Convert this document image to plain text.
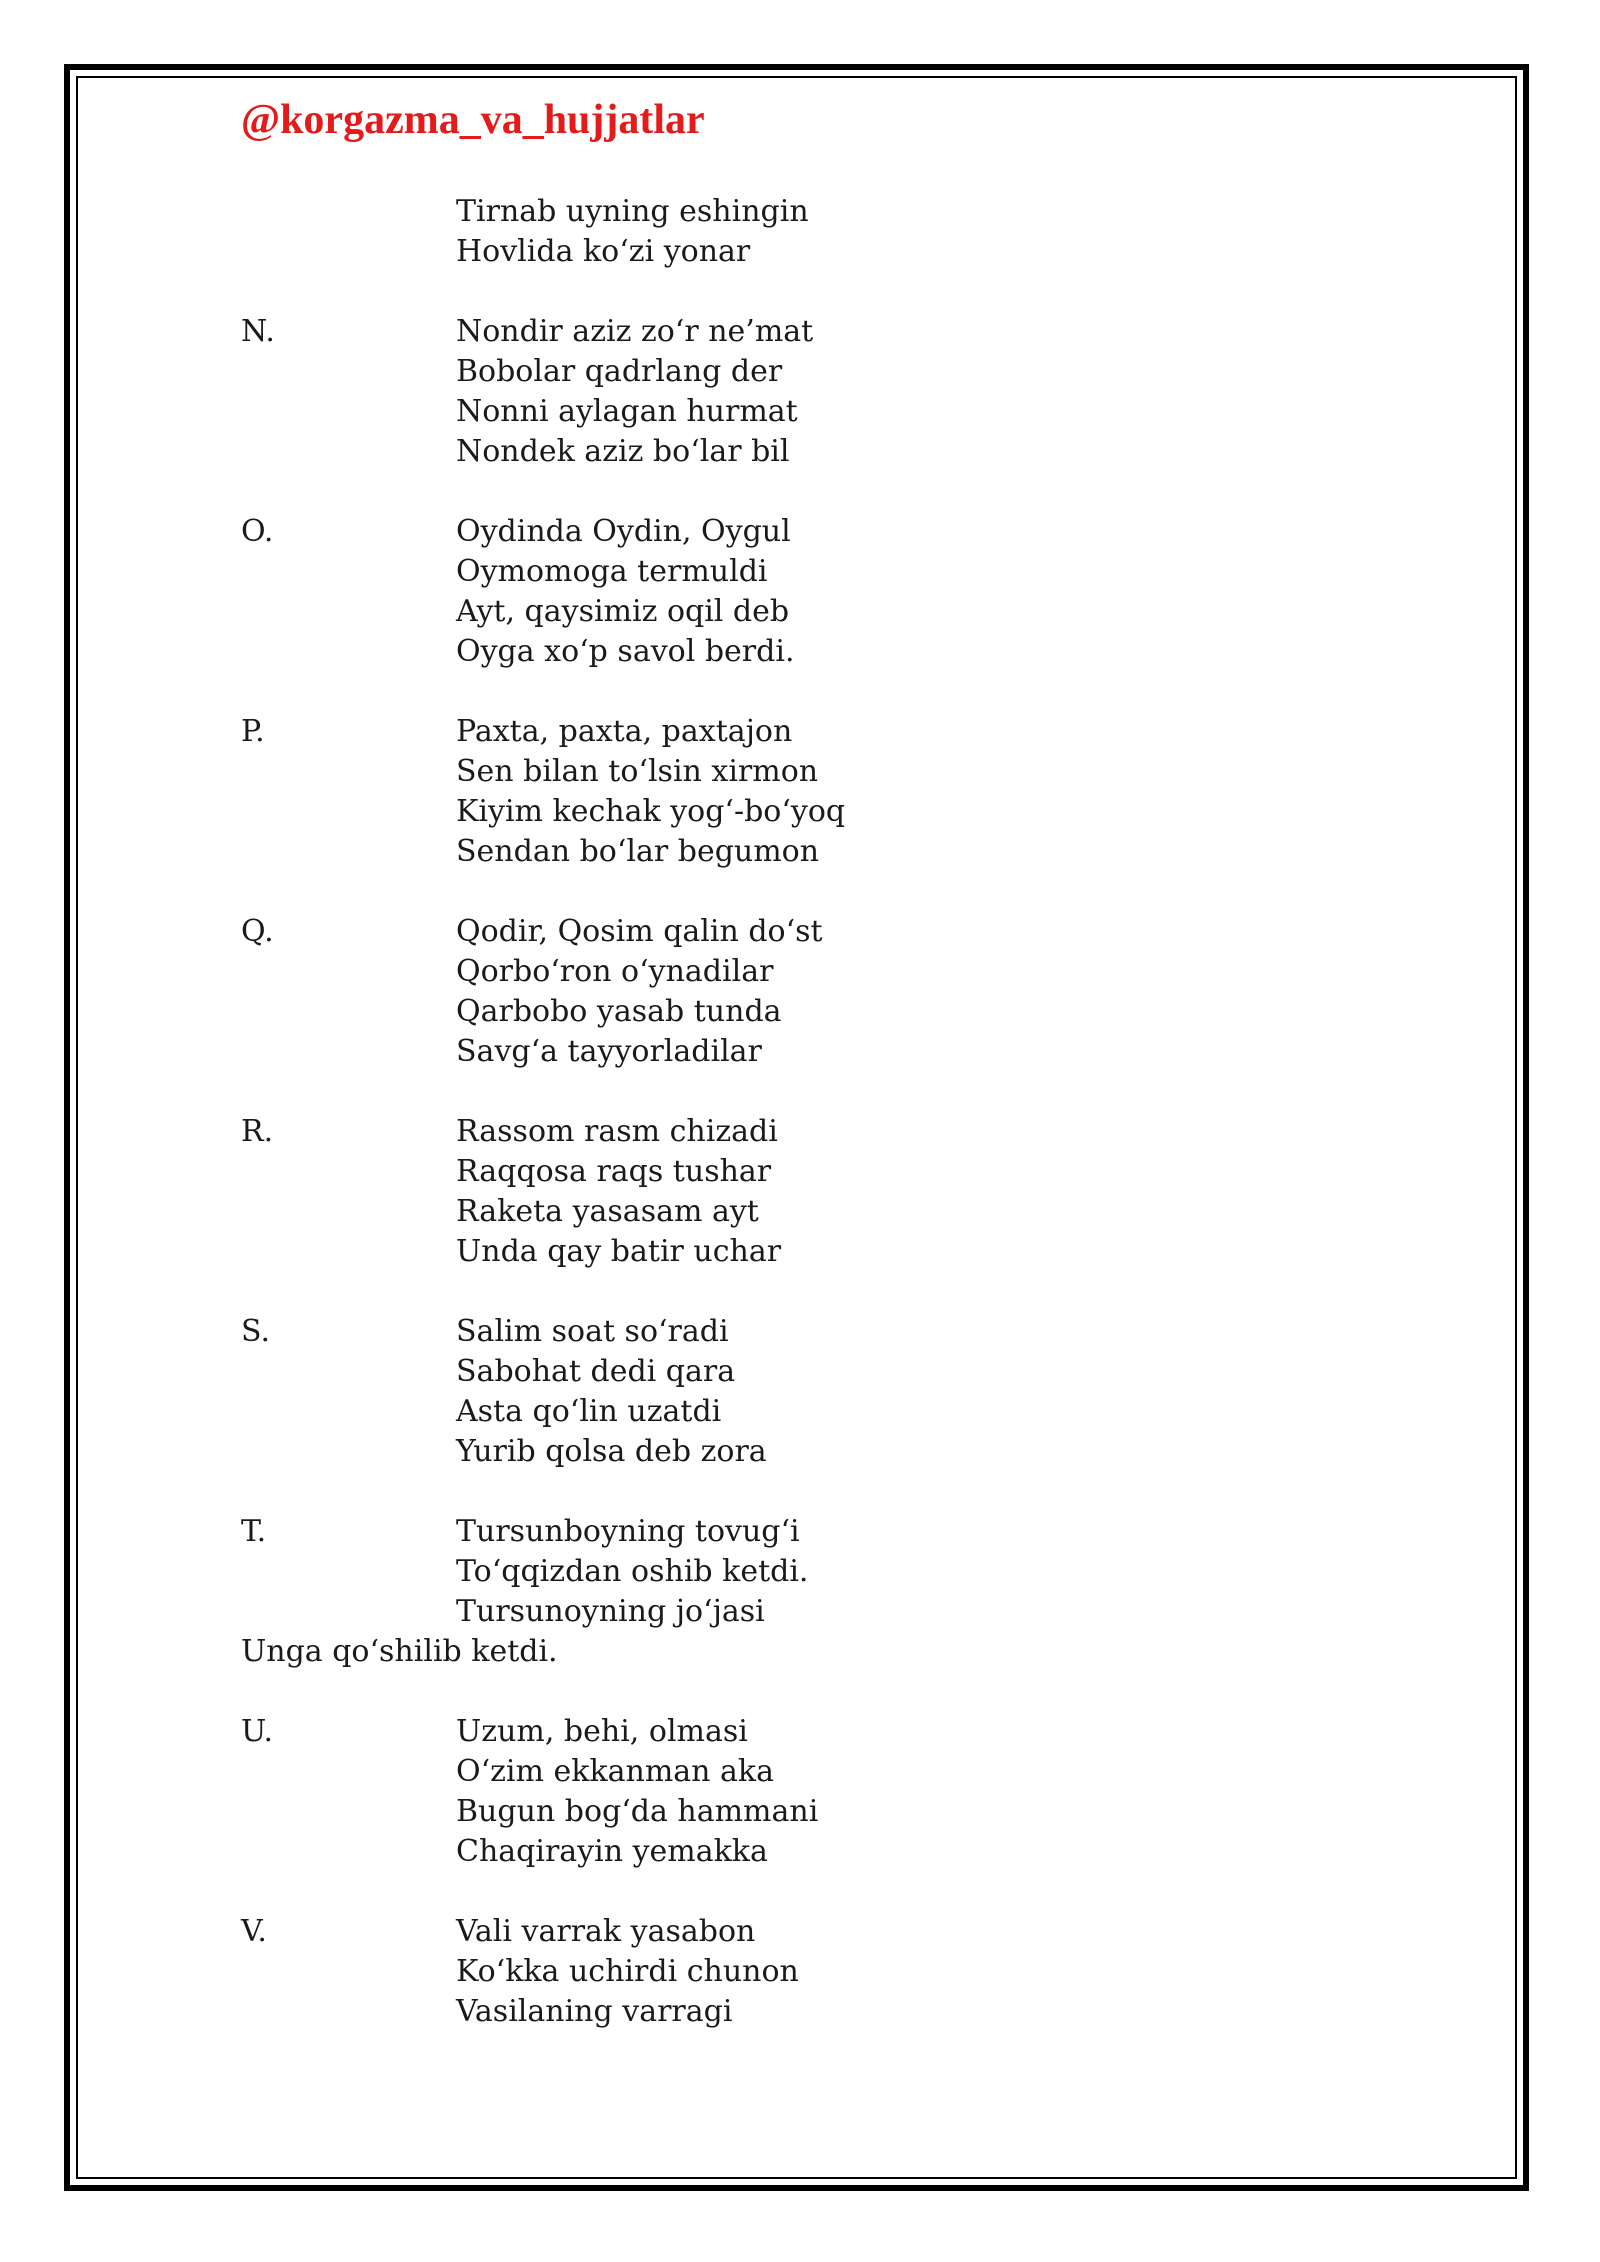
@korgazma_va_hujjatlar
Tirnab uyning eshingin
Hovlida ko‘zi yonar
N.	Nondir aziz zo‘r ne’mat
Bobolar qadrlang der
Nonni aylagan hurmat
Nondek aziz bo‘lar bil
O.	Oydinda Oydin, Oygul
Oymomoga termuldi
Ayt, qaysimiz oqil deb
Oyga xo‘p savol berdi.
P.	Paxta, paxta, paxtajon
Sen bilan to‘lsin xirmon
Kiyim kechak yog‘-bo‘yoq
Sendan bo‘lar begumon
Q.	Qodir, Qosim qalin do‘st
Qorbo‘ron o‘ynadilar
Qarbobo yasab tunda
Savg‘a tayyorladilar
R.	Rassom rasm chizadi
Raqqosa raqs tushar
Raketa yasasam ayt
Unda qay batir uchar
S.	Salim soat so‘radi
Sabohat dedi qara
Asta qo‘lin uzatdi
Yurib qolsa deb zora
T.	Tursunboyning tovug‘i
To‘qqizdan oshib ketdi.
Tursunoyning jo‘jasi
Unga qo‘shilib ketdi.
U.	Uzum, behi, olmasi
O‘zim ekkanman aka
Bugun bog‘da hammani
Chaqirayin yemakka
V.	Vali varrak yasabon
Ko‘kka uchirdi chunon
Vasilaning varragi
